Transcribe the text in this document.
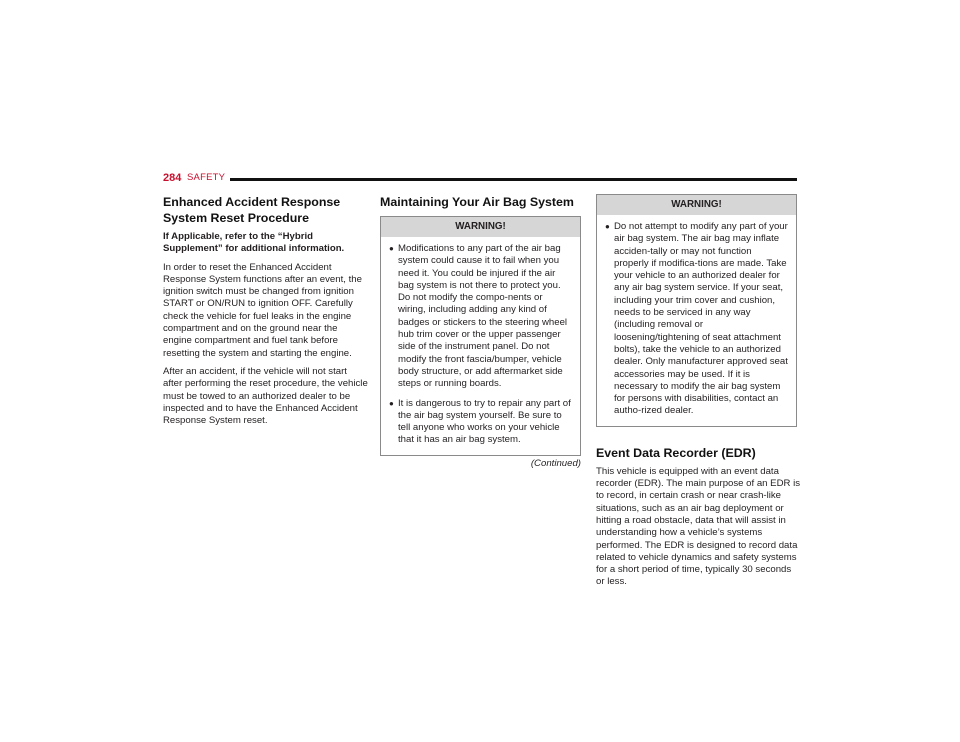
284 SAFETY
Enhanced Accident Response System Reset Procedure

If Applicable, refer to the “Hybrid Supplement” for additional information.

In order to reset the Enhanced Accident Response System functions after an event, the ignition switch must be changed from ignition START or ON/RUN to ignition OFF. Carefully check the vehicle for fuel leaks in the engine compartment and on the ground near the engine compartment and fuel tank before resetting the system and starting the engine.

After an accident, if the vehicle will not start after performing the reset procedure, the vehicle must be towed to an authorized dealer to be inspected and to have the Enhanced Accident Response System reset.

Maintaining Your Air Bag System
WARNING!
● Modifications to any part of the air bag system could cause it to fail when you need it. You could be injured if the air bag system is not there to protect you. Do not modify the compo-nents or wiring, including adding any kind of badges or stickers to the steering wheel hub trim cover or the upper passenger side of the instrument panel. Do not modify the front fascia/bumper, vehicle body structure, or add aftermarket side steps or running boards.
● It is dangerous to try to repair any part of the air bag system yourself. Be sure to tell anyone who works on your vehicle that it has an air bag system.
(Continued)
WARNING!
● Do not attempt to modify any part of your air bag system. The air bag may inflate acciden-tally or may not function properly if modifica-tions are made. Take your vehicle to an authorized dealer for any air bag system service. If your seat, including your trim cover and cushion, needs to be serviced in any way (including removal or loosening/tightening of seat attachment bolts), take the vehicle to an authorized dealer. Only manufacturer approved seat accessories may be used. If it is necessary to modify the air bag system for persons with disabilities, contact an autho-rized dealer.
Event Data Recorder (EDR)

This vehicle is equipped with an event data recorder (EDR). The main purpose of an EDR is to record, in certain crash or near crash-like situations, such as an air bag deployment or hitting a road obstacle, data that will assist in understanding how a vehicle’s systems performed. The EDR is designed to record data related to vehicle dynamics and safety systems for a short period of time, typically 30 seconds or less.
